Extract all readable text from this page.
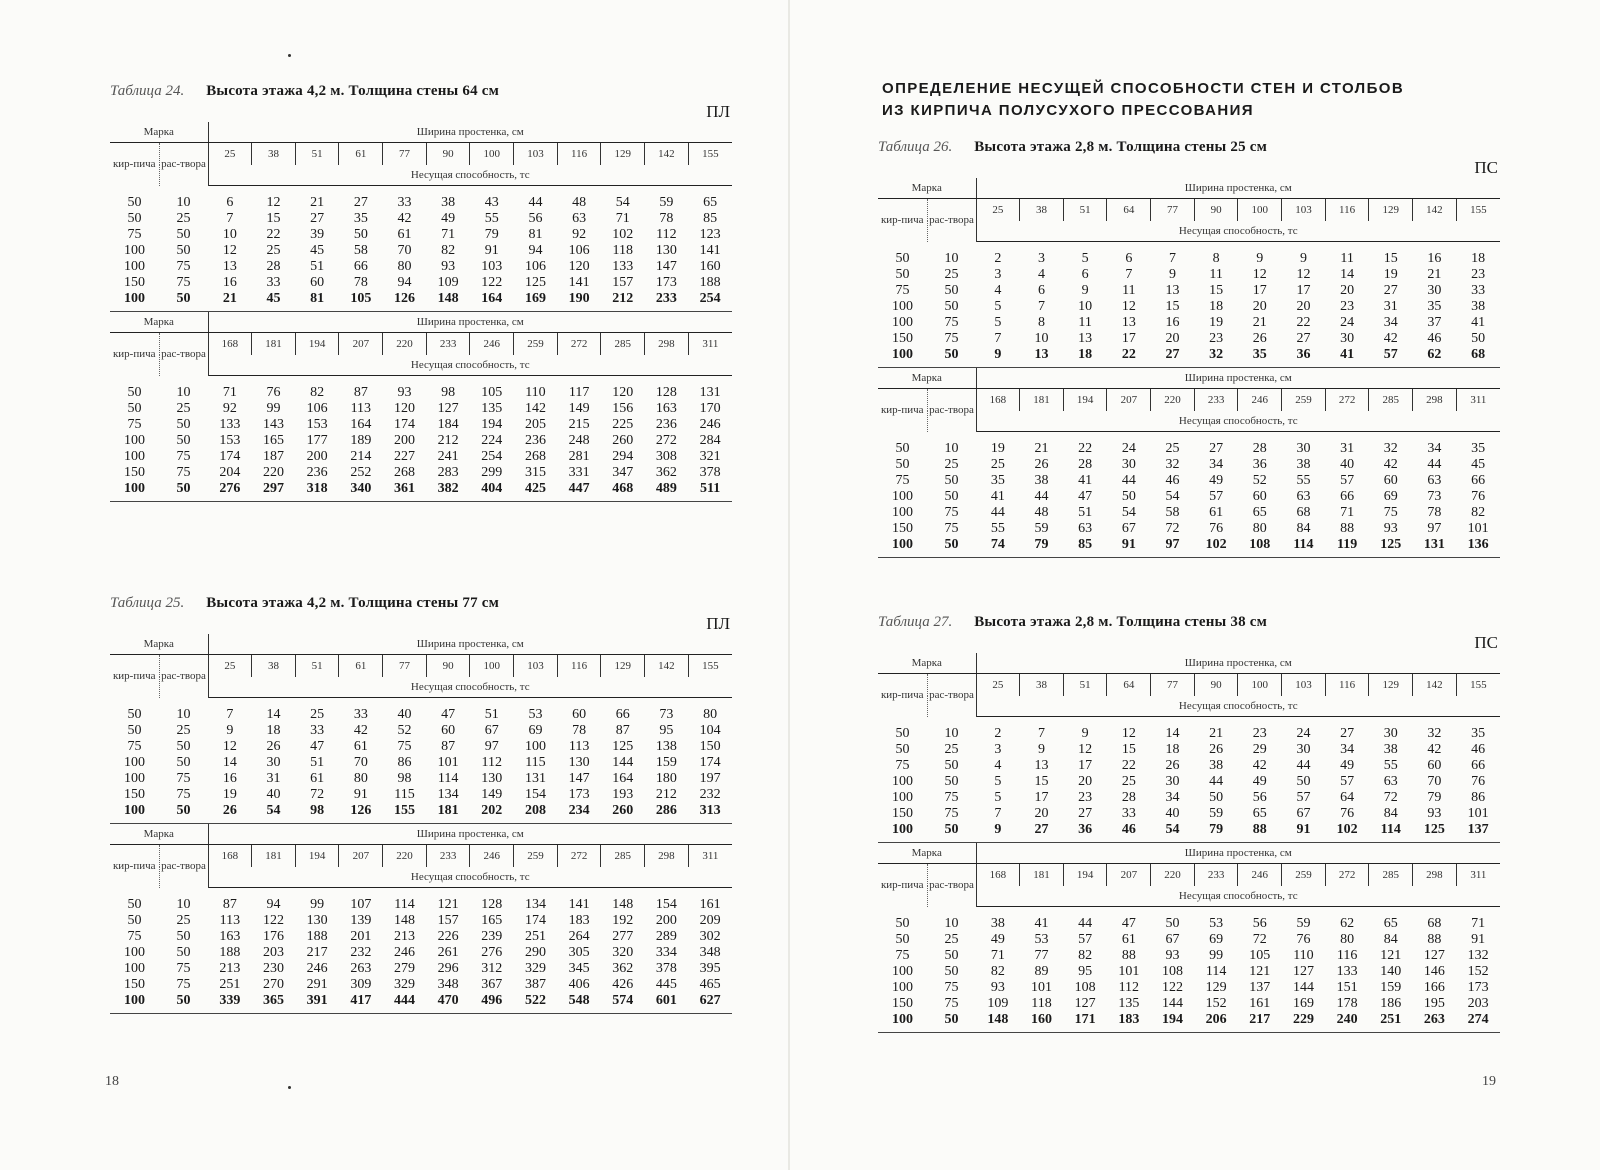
Таблица 24. Высота этажа 4,2 м. Толщина стены 64 см
ПЛ
Марка		Ширина простенка, см											
кир-пича	рас-твора	25	38	51	61	77	90	100	103	116	129	142	155
		Несущая способность, тс											

50	10	6	12	21	27	33	38	43	44	48	54	59	65
50	25	7	15	27	35	42	49	55	56	63	71	78	85
75	50	10	22	39	50	61	71	79	81	92	102	112	123
100	50	12	25	45	58	70	82	91	94	106	118	130	141
100	75	13	28	51	66	80	93	103	106	120	133	147	160
150	75	16	33	60	78	94	109	122	125	141	157	173	188
100	50	21	45	81	105	126	148	164	169	190	212	233	254

Марка		Ширина простенка, см											
кир-пича	рас-твора	168	181	194	207	220	233	246	259	272	285	298	311
		Несущая способность, тс											

50	10	71	76	82	87	93	98	105	110	117	120	128	131
50	25	92	99	106	113	120	127	135	142	149	156	163	170
75	50	133	143	153	164	174	184	194	205	215	225	236	246
100	50	153	165	177	189	200	212	224	236	248	260	272	284
100	75	174	187	200	214	227	241	254	268	281	294	308	321
150	75	204	220	236	252	268	283	299	315	331	347	362	378
100	50	276	297	318	340	361	382	404	425	447	468	489	511

Таблица 25. Высота этажа 4,2 м. Толщина стены 77 см
ПЛ
Марка		Ширина простенка, см											
кир-пича	рас-твора	25	38	51	61	77	90	100	103	116	129	142	155
		Несущая способность, тс											

50	10	7	14	25	33	40	47	51	53	60	66	73	80
50	25	9	18	33	42	52	60	67	69	78	87	95	104
75	50	12	26	47	61	75	87	97	100	113	125	138	150
100	50	14	30	51	70	86	101	112	115	130	144	159	174
100	75	16	31	61	80	98	114	130	131	147	164	180	197
150	75	19	40	72	91	115	134	149	154	173	193	212	232
100	50	26	54	98	126	155	181	202	208	234	260	286	313

Марка		Ширина простенка, см											
кир-пича	рас-твора	168	181	194	207	220	233	246	259	272	285	298	311
		Несущая способность, тс											

50	10	87	94	99	107	114	121	128	134	141	148	154	161
50	25	113	122	130	139	148	157	165	174	183	192	200	209
75	50	163	176	188	201	213	226	239	251	264	277	289	302
100	50	188	203	217	232	246	261	276	290	305	320	334	348
100	75	213	230	246	263	279	296	312	329	345	362	378	395
150	75	251	270	291	309	329	348	367	387	406	426	445	465
100	50	339	365	391	417	444	470	496	522	548	574	601	627

18
ОПРЕДЕЛЕНИЕ НЕСУЩЕЙ СПОСОБНОСТИ СТЕН И СТОЛБОВ
ИЗ КИРПИЧА ПОЛУСУХОГО ПРЕССОВАНИЯ
Таблица 26. Высота этажа 2,8 м. Толщина стены 25 см
ПС
Марка		Ширина простенка, см											
кир-пича	рас-твора	25	38	51	64	77	90	100	103	116	129	142	155
		Несущая способность, тс											

50	10	2	3	5	6	7	8	9	9	11	15	16	18
50	25	3	4	6	7	9	11	12	12	14	19	21	23
75	50	4	6	9	11	13	15	17	17	20	27	30	33
100	50	5	7	10	12	15	18	20	20	23	31	35	38
100	75	5	8	11	13	16	19	21	22	24	34	37	41
150	75	7	10	13	17	20	23	26	27	30	42	46	50
100	50	9	13	18	22	27	32	35	36	41	57	62	68

Марка		Ширина простенка, см											
кир-пича	рас-твора	168	181	194	207	220	233	246	259	272	285	298	311
		Несущая способность, тс											

50	10	19	21	22	24	25	27	28	30	31	32	34	35
50	25	25	26	28	30	32	34	36	38	40	42	44	45
75	50	35	38	41	44	46	49	52	55	57	60	63	66
100	50	41	44	47	50	54	57	60	63	66	69	73	76
100	75	44	48	51	54	58	61	65	68	71	75	78	82
150	75	55	59	63	67	72	76	80	84	88	93	97	101
100	50	74	79	85	91	97	102	108	114	119	125	131	136

Таблица 27. Высота этажа 2,8 м. Толщина стены 38 см
ПС
Марка		Ширина простенка, см											
кир-пича	рас-твора	25	38	51	64	77	90	100	103	116	129	142	155
		Несущая способность, тс											

50	10	2	7	9	12	14	21	23	24	27	30	32	35
50	25	3	9	12	15	18	26	29	30	34	38	42	46
75	50	4	13	17	22	26	38	42	44	49	55	60	66
100	50	5	15	20	25	30	44	49	50	57	63	70	76
100	75	5	17	23	28	34	50	56	57	64	72	79	86
150	75	7	20	27	33	40	59	65	67	76	84	93	101
100	50	9	27	36	46	54	79	88	91	102	114	125	137

Марка		Ширина простенка, см											
кир-пича	рас-твора	168	181	194	207	220	233	246	259	272	285	298	311
		Несущая способность, тс											

50	10	38	41	44	47	50	53	56	59	62	65	68	71
50	25	49	53	57	61	67	69	72	76	80	84	88	91
75	50	71	77	82	88	93	99	105	110	116	121	127	132
100	50	82	89	95	101	108	114	121	127	133	140	146	152
100	75	93	101	108	112	122	129	137	144	151	159	166	173
150	75	109	118	127	135	144	152	161	169	178	186	195	203
100	50	148	160	171	183	194	206	217	229	240	251	263	274

19
